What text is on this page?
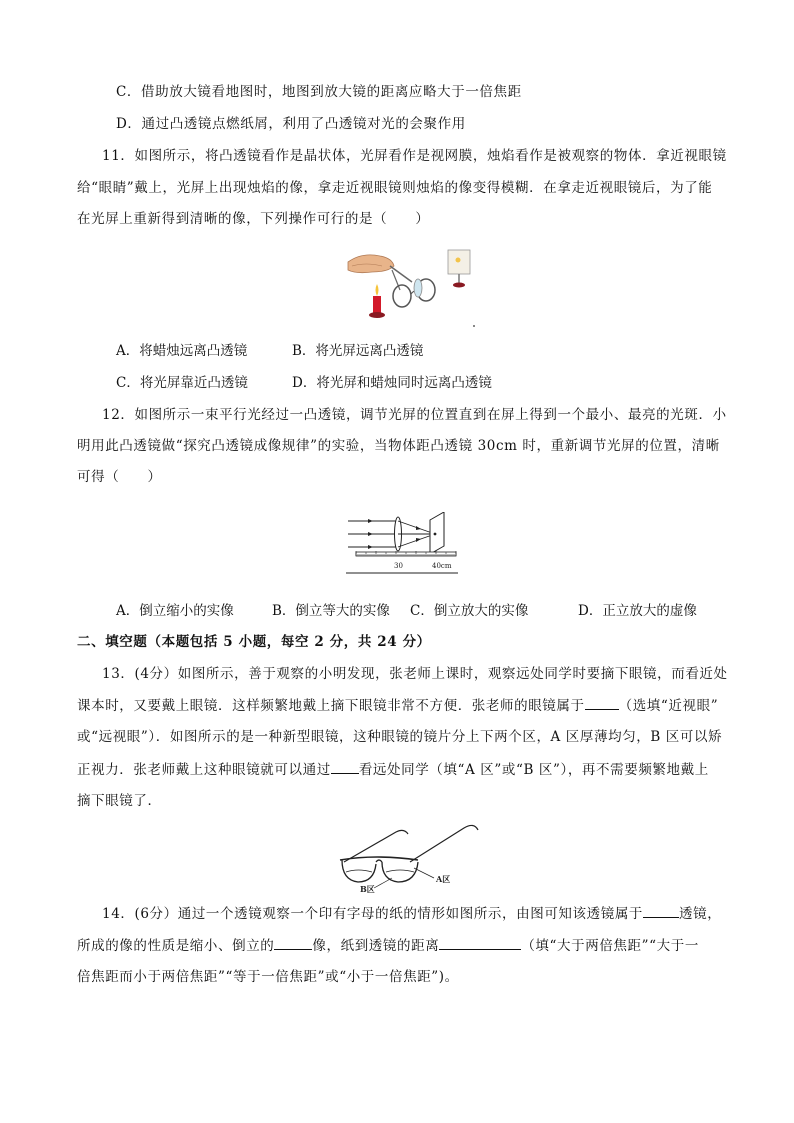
C．借助放大镜看地图时，地图到放大镜的距离应略大于一倍焦距
D．通过凸透镜点燃纸屑，利用了凸透镜对光的会聚作用
11．如图所示，将凸透镜看作是晶状体，光屏看作是视网膜，烛焰看作是被观察的物体．拿近视眼镜
给“眼睛”戴上，光屏上出现烛焰的像，拿走近视眼镜则烛焰的像变得模糊．在拿走近视眼镜后，为了能
在光屏上重新得到清晰的像，下列操作可行的是（　　）
A．将蜡烛远离凸透镜	B．将光屏远离凸透镜
C．将光屏靠近凸透镜	D．将光屏和蜡烛同时远离凸透镜
12．如图所示一束平行光经过一凸透镜，调节光屏的位置直到在屏上得到一个最小、最亮的光斑．小
明用此凸透镜做“探究凸透镜成像规律”的实验，当物体距凸透镜 30cm 时，重新调节光屏的位置，清晰
可得（　　）
30	40cm
A．倒立缩小的实像	B．倒立等大的实像 C．倒立放大的实像	D．正立放大的虚像
二、填空题（本题包括 5 小题，每空 2 分，共 24 分）
13．(4分）如图所示，善于观察的小明发现，张老师上课时，观察远处同学时要摘下眼镜，而看近处
课本时，又要戴上眼镜．这样频繁地戴上摘下眼镜非常不方便．张老师的眼镜属于	（选填“近视眼”
或“远视眼”）．如图所示的是一种新型眼镜，这种眼镜的镜片分上下两个区，A 区厚薄均匀，B 区可以矫
正视力．张老师戴上这种眼镜就可以通过 看远处同学（填“A 区”或“B 区”），再不需要频繁地戴上
摘下眼镜了．
B区
A区
14．(6分）通过一个透镜观察一个印有字母的纸的情形如图所示，由图可知该透镜属于	透镜，
所成的像的性质是缩小、倒立的	像，纸到透镜的距离	（填“大于两倍焦距”“大于一
倍焦距而小于两倍焦距”“等于一倍焦距”或“小于一倍焦距”)。
